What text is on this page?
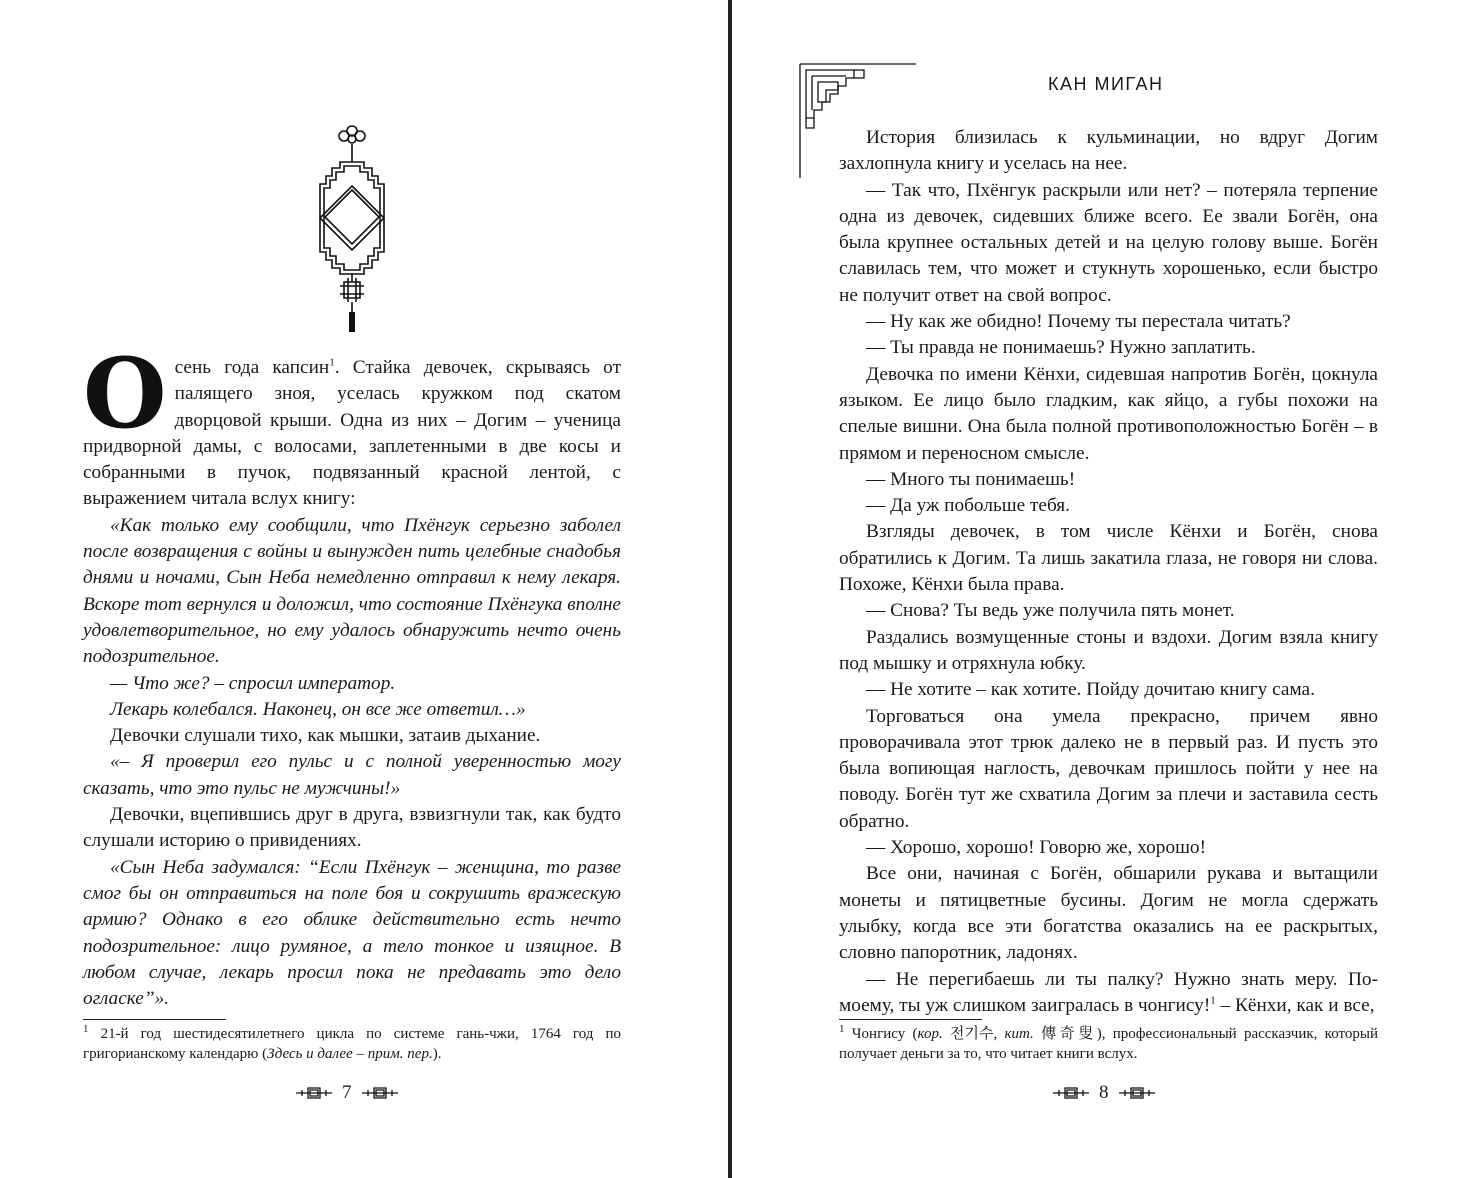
Осень года капсин$^1$. Стайка девочек, скрываясь от палящего зноя, уселась кружком под скатом дворцовой крыши. Одна из них – Догим – ученица придворной дамы, с волосами, заплетенными в две косы и собранными в пучок, подвязанный красной лентой, с выражением читала вслух книгу:

«Как только ему сообщили, что Пхёнгук серьезно заболел после возвращения с войны и вынужден пить целебные снадобья днями и ночами, Сын Неба немедленно отправил к нему лекаря. Вскоре тот вернулся и доложил, что состояние Пхёнгука вполне удовлетворительное, но ему удалось обнаружить нечто очень подозрительное.

— Что же? – спросил император.

Лекарь колебался. Наконец, он все же ответил…»

Девочки слушали тихо, как мышки, затаив дыхание.

«– Я проверил его пульс и с полной уверенностью могу сказать, что это пульс не мужчины!»

Девочки, вцепившись друг в друга, взвизгнули так, как будто слушали историю о привидениях.

«Сын Неба задумался: “Если Пхёнгук – женщина, то разве смог бы он отправиться на поле боя и сокрушить вражескую армию? Однако в его облике действительно есть нечто подозрительное: лицо румяное, а тело тонкое и изящное. В любом случае, лекарь просил пока не предавать это дело огласке”».

$^1$ 21-й год шестидесятилетнего цикла по системе гань-чжи, 1764 год по григорианскому календарю (Здесь и далее – прим. пер.).
7
КАН МИГАН

История близилась к кульминации, но вдруг Догим захлопнула книгу и уселась на нее.

— Так что, Пхёнгук раскрыли или нет? – потеряла терпение одна из девочек, сидевших ближе всего. Ее звали Богён, она была крупнее остальных детей и на целую голову выше. Богён славилась тем, что может и стукнуть хорошенько, если быстро не получит ответ на свой вопрос.

— Ну как же обидно! Почему ты перестала читать?

— Ты правда не понимаешь? Нужно заплатить.

Девочка по имени Кёнхи, сидевшая напротив Богён, цокнула языком. Ее лицо было гладким, как яйцо, а губы похожи на спелые вишни. Она была полной противоположностью Богён – в прямом и переносном смысле.

— Много ты понимаешь!

— Да уж побольше тебя.

Взгляды девочек, в том числе Кёнхи и Богён, снова обратились к Догим. Та лишь закатила глаза, не говоря ни слова. Похоже, Кёнхи была права.

— Снова? Ты ведь уже получила пять монет.

Раздались возмущенные стоны и вздохи. Догим взяла книгу под мышку и отряхнула юбку.

— Не хотите – как хотите. Пойду дочитаю книгу сама.

Торговаться она умела прекрасно, причем явно проворачивала этот трюк далеко не в первый раз. И пусть это была вопиющая наглость, девочкам пришлось пойти у нее на поводу. Богён тут же схватила Догим за плечи и заставила сесть обратно.

— Хорошо, хорошо! Говорю же, хорошо!

Все они, начиная с Богён, обшарили рукава и вытащили монеты и пятицветные бусины. Догим не могла сдержать улыбку, когда все эти богатства оказались на ее раскрытых, словно папоротник, ладонях.

— Не перегибаешь ли ты палку? Нужно знать меру. По-моему, ты уж слишком заигралась в чонгису!$^1$ – Кёнхи, как и все,

$^1$ Чонгису (кор. 전기수, кит. 傳奇叟), профессиональный рассказчик, который получает деньги за то, что читает книги вслух.
8
